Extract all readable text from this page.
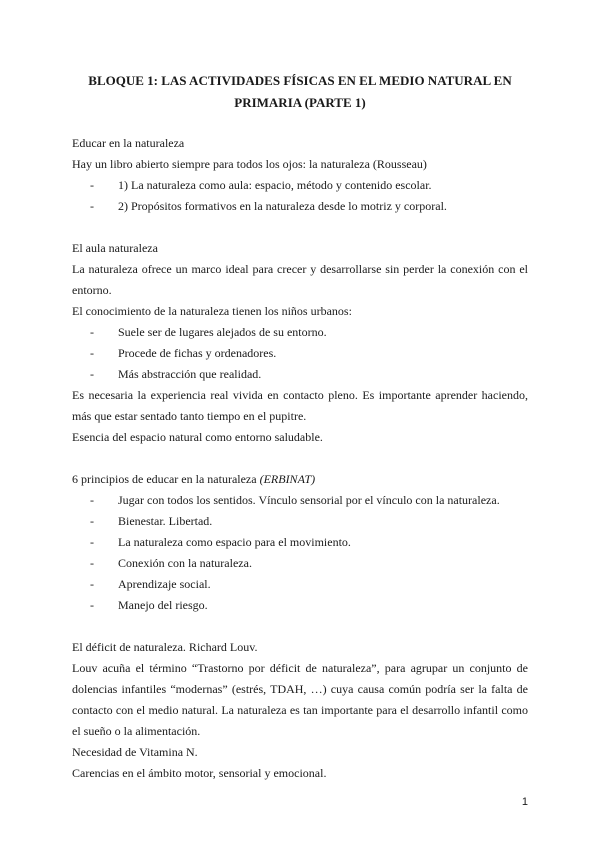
BLOQUE 1: LAS ACTIVIDADES FÍSICAS EN EL MEDIO NATURAL EN
PRIMARIA (PARTE 1)

Educar en la naturaleza

Hay un libro abierto siempre para todos los ojos: la naturaleza (Rousseau)

- 1) La naturaleza como aula: espacio, método y contenido escolar.
- 2) Propósitos formativos en la naturaleza desde lo motriz y corporal.

El aula naturaleza

La naturaleza ofrece un marco ideal para crecer y desarrollarse sin perder la conexión con el entorno.

El conocimiento de la naturaleza tienen los niños urbanos:

- Suele ser de lugares alejados de su entorno.
- Procede de fichas y ordenadores.
- Más abstracción que realidad.

Es necesaria la experiencia real vivida en contacto pleno. Es importante aprender haciendo, más que estar sentado tanto tiempo en el pupitre.

Esencia del espacio natural como entorno saludable.

6 principios de educar en la naturaleza (ERBINAT)

- Jugar con todos los sentidos. Vínculo sensorial por el vínculo con la naturaleza.
- Bienestar. Libertad.
- La naturaleza como espacio para el movimiento.
- Conexión con la naturaleza.
- Aprendizaje social.
- Manejo del riesgo.

El déficit de naturaleza. Richard Louv.

Louv acuña el término “Trastorno por déficit de naturaleza”, para agrupar un conjunto de dolencias infantiles “modernas” (estrés, TDAH, …) cuya causa común podría ser la falta de contacto con el medio natural. La naturaleza es tan importante para el desarrollo infantil como el sueño o la alimentación.

Necesidad de Vitamina N.

Carencias en el ámbito motor, sensorial y emocional.

1
